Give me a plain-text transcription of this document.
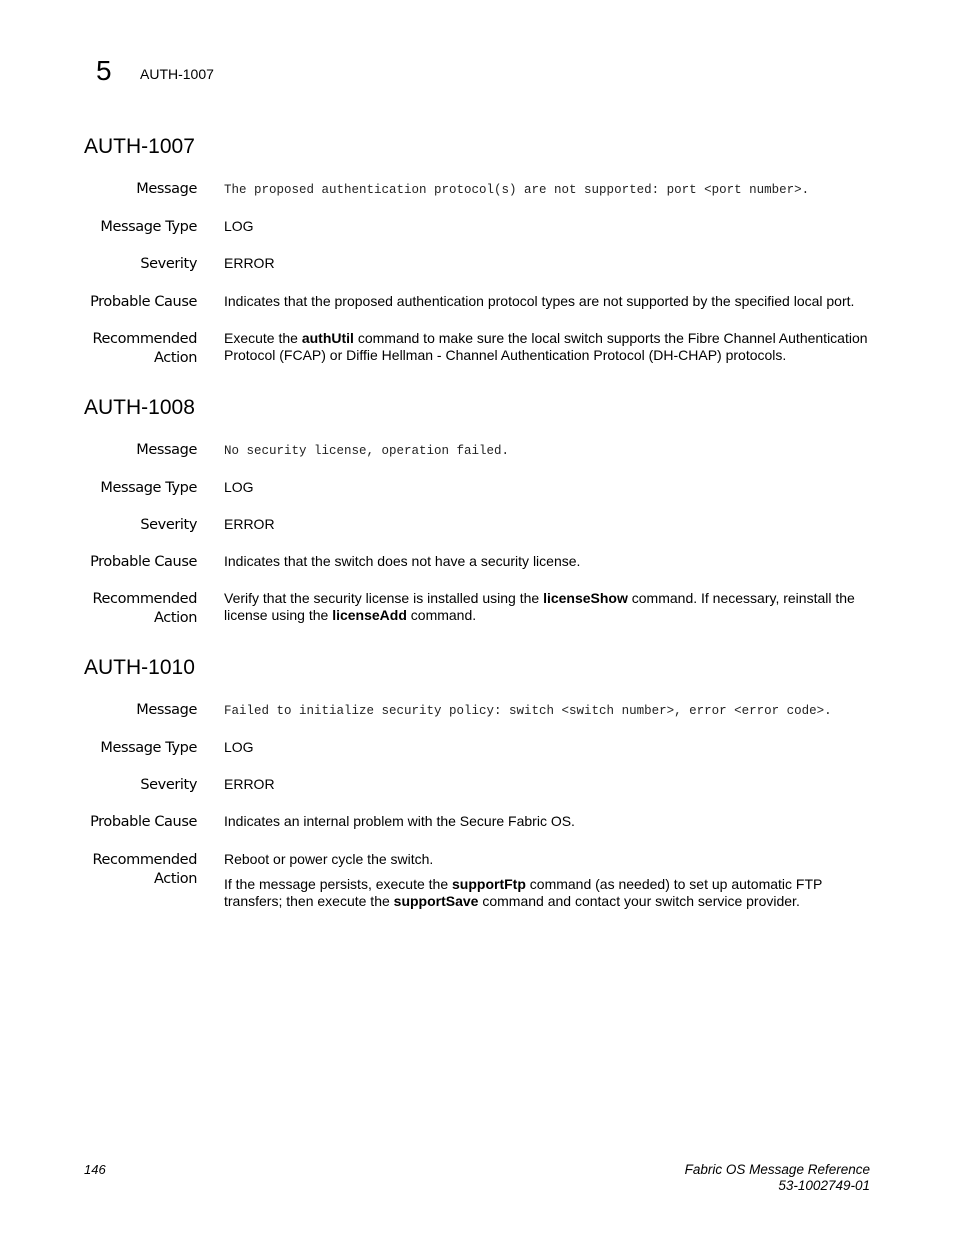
5 AUTH-1007
AUTH-1007
Message The proposed authentication protocol(s) are not supported: port <port number>.
Message Type LOG
Severity ERROR
Probable Cause Indicates that the proposed authentication protocol types are not supported by the specified local port.
Recommended
Action

Execute the authUtil command to make sure the local switch supports the Fibre Channel Authentication Protocol (FCAP) or Diffie Hellman - Channel Authentication Protocol (DH-CHAP) protocols.

AUTH-1008
Message No security license, operation failed.
Message Type LOG
Severity ERROR
Probable Cause Indicates that the switch does not have a security license.
Recommended
Action

Verify that the security license is installed using the licenseShow command. If necessary, reinstall the license using the licenseAdd command.

AUTH-1010
Message Failed to initialize security policy: switch <switch number>, error <error code>.
Message Type LOG
Severity ERROR
Probable Cause Indicates an internal problem with the Secure Fabric OS.
Recommended
Action

Reboot or power cycle the switch.

If the message persists, execute the supportFtp command (as needed) to set up automatic FTP transfers; then execute the supportSave command and contact your switch service provider.

146	Fabric OS Message Reference
53-1002749-01
